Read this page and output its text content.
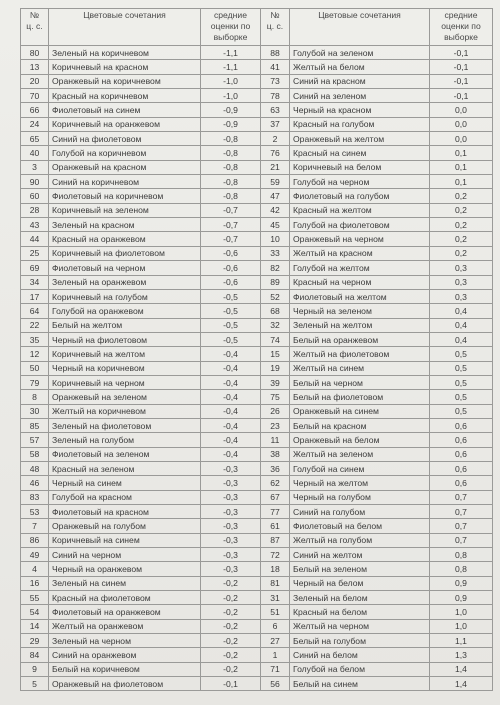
№
ц. с.	Цветовые сочетания	средние
оценки по
выборке	№
ц. с.	Цветовые сочетания	средние
оценки по
выборке
80	Зеленый на коричневом	-1,1	88	Голубой на зеленом	-0,1
13	Коричневый на красном	-1,1	41	Желтый на белом	-0,1
20	Оранжевый на коричневом	-1,0	73	Синий на красном	-0,1
70	Красный на коричневом	-1,0	78	Синий на зеленом	-0,1
66	Фиолетовый на синем	-0,9	63	Черный на красном	0,0
24	Коричневый на оранжевом	-0,9	37	Красный на голубом	0,0
65	Синий на фиолетовом	-0,8	2	Оранжевый на желтом	0,0
40	Голубой на коричневом	-0,8	76	Красный на синем	0,1
3	Оранжевый на красном	-0,8	21	Коричневый на белом	0,1
90	Синий на коричневом	-0,8	59	Голубой на черном	0,1
60	Фиолетовый на коричневом	-0,8	47	Фиолетовый на голубом	0,2
28	Коричневый на зеленом	-0,7	42	Красный на желтом	0,2
43	Зеленый на красном	-0,7	45	Голубой на фиолетовом	0,2
44	Красный на оранжевом	-0,7	10	Оранжевый на черном	0,2
25	Коричневый на фиолетовом	-0,6	33	Желтый на красном	0,2
69	Фиолетовый на черном	-0,6	82	Голубой на желтом	0,3
34	Зеленый на оранжевом	-0,6	89	Красный на черном	0,3
17	Коричневый на голубом	-0,5	52	Фиолетовый на желтом	0,3
64	Голубой на оранжевом	-0,5	68	Черный на зеленом	0,4
22	Белый на желтом	-0,5	32	Зеленый на желтом	0,4
35	Черный на фиолетовом	-0,5	74	Белый на оранжевом	0,4
12	Коричневый на желтом	-0,4	15	Желтый на фиолетовом	0,5
50	Черный на коричневом	-0,4	19	Желтый на синем	0,5
79	Коричневый на черном	-0,4	39	Белый на черном	0,5
8	Оранжевый на зеленом	-0,4	75	Белый на фиолетовом	0,5
30	Желтый на коричневом	-0,4	26	Оранжевый на синем	0,5
85	Зеленый на фиолетовом	-0,4	23	Белый на красном	0,6
57	Зеленый на голубом	-0,4	11	Оранжевый на белом	0,6
58	Фиолетовый на зеленом	-0,4	38	Желтый на зеленом	0,6
48	Красный на зеленом	-0,3	36	Голубой на синем	0,6
46	Черный на синем	-0,3	62	Черный на желтом	0,6
83	Голубой на красном	-0,3	67	Черный на голубом	0,7
53	Фиолетовый на красном	-0,3	77	Синий на голубом	0,7
7	Оранжевый на голубом	-0,3	61	Фиолетовый на белом	0,7
86	Коричневый на синем	-0,3	87	Желтый на голубом	0,7
49	Синий на черном	-0,3	72	Синий на желтом	0,8
4	Черный на оранжевом	-0,3	18	Белый на зеленом	0,8
16	Зеленый на синем	-0,2	81	Черный на белом	0,9
55	Красный на фиолетовом	-0,2	31	Зеленый на белом	0,9
54	Фиолетовый на оранжевом	-0,2	51	Красный на белом	1,0
14	Желтый на оранжевом	-0,2	6	Желтый на черном	1,0
29	Зеленый на черном	-0,2	27	Белый на голубом	1,1
84	Синий на оранжевом	-0,2	1	Синий на белом	1,3
9	Белый на коричневом	-0,2	71	Голубой на белом	1,4
5	Оранжевый на фиолетовом	-0,1	56	Белый на синем	1,4
